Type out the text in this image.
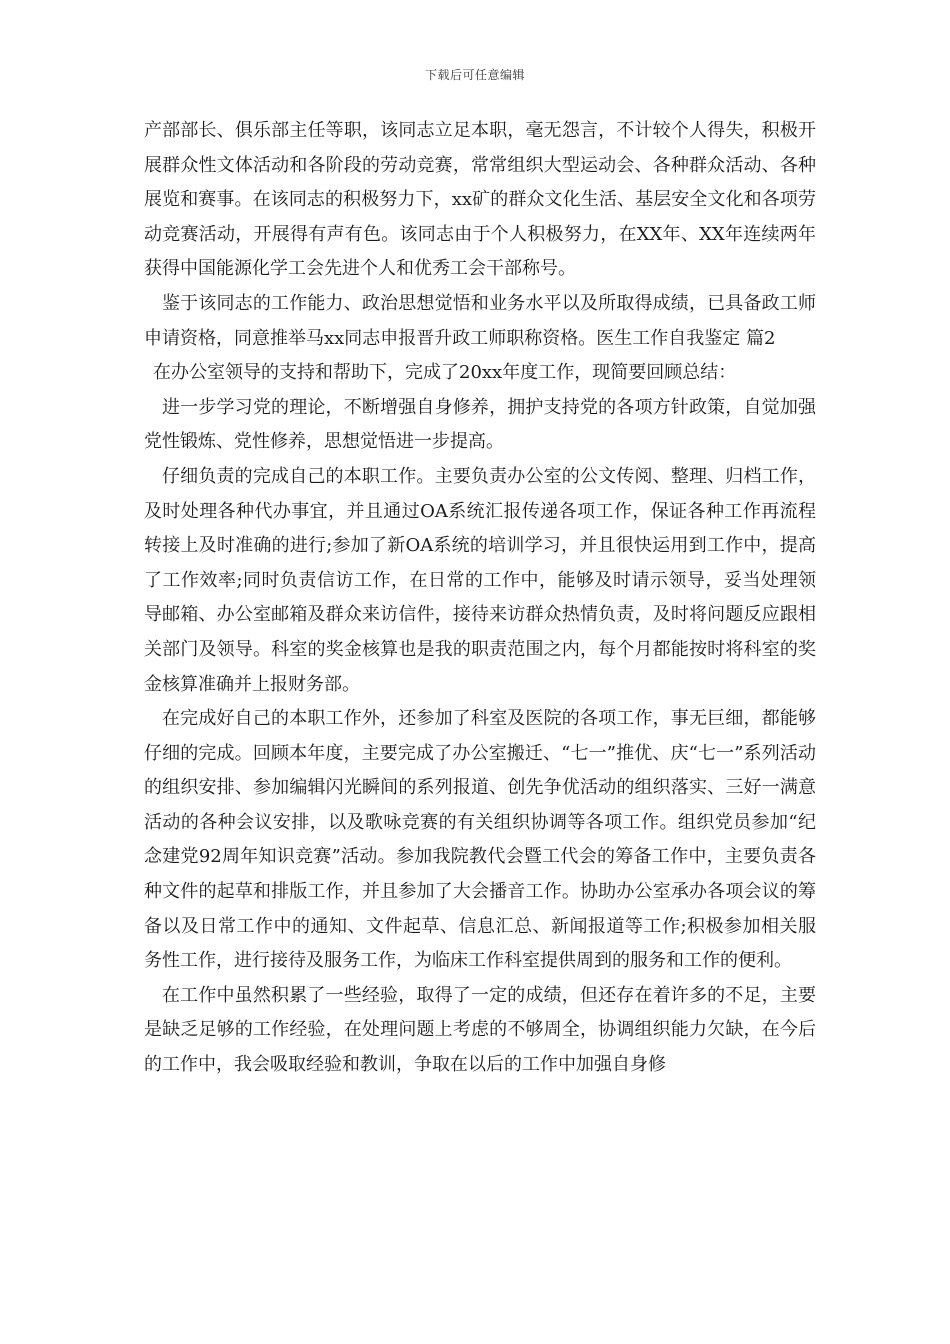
下载后可任意编辑

产部部长、俱乐部主任等职，该同志立足本职，毫无怨言，不计较个人得失，积极开展群众性文体活动和各阶段的劳动竞赛，常常组织大型运动会、各种群众活动、各种展览和赛事。在该同志的积极努力下，xx矿的群众文化生活、基层安全文化和各项劳动竞赛活动，开展得有声有色。该同志由于个人积极努力，在XX年、XX年连续两年获得中国能源化学工会先进个人和优秀工会干部称号。

鉴于该同志的工作能力、政治思想觉悟和业务水平以及所取得成绩，已具备政工师申请资格，同意推举马xx同志申报晋升政工师职称资格。医生工作自我鉴定 篇2

在办公室领导的支持和帮助下，完成了20xx年度工作，现简要回顾总结：

进一步学习党的理论，不断增强自身修养，拥护支持党的各项方针政策，自觉加强党性锻炼、党性修养，思想觉悟进一步提高。

仔细负责的完成自己的本职工作。主要负责办公室的公文传阅、整理、归档工作，及时处理各种代办事宜，并且通过OA系统汇报传递各项工作，保证各种工作再流程转接上及时准确的进行;参加了新OA系统的培训学习，并且很快运用到工作中，提高了工作效率;同时负责信访工作，在日常的工作中，能够及时请示领导，妥当处理领导邮箱、办公室邮箱及群众来访信件，接待来访群众热情负责，及时将问题反应跟相关部门及领导。科室的奖金核算也是我的职责范围之内，每个月都能按时将科室的奖金核算准确并上报财务部。

在完成好自己的本职工作外，还参加了科室及医院的各项工作，事无巨细，都能够仔细的完成。回顾本年度，主要完成了办公室搬迁、“七一”推优、庆“七一”系列活动的组织安排、参加编辑闪光瞬间的系列报道、创先争优活动的组织落实、三好一满意活动的各种会议安排，以及歌咏竞赛的有关组织协调等各项工作。组织党员参加“纪念建党92周年知识竞赛”活动。参加我院教代会暨工代会的筹备工作中，主要负责各种文件的起草和排版工作，并且参加了大会播音工作。协助办公室承办各项会议的筹备以及日常工作中的通知、文件起草、信息汇总、新闻报道等工作;积极参加相关服务性工作，进行接待及服务工作，为临床工作科室提供周到的服务和工作的便利。

在工作中虽然积累了一些经验，取得了一定的成绩，但还存在着许多的不足，主要是缺乏足够的工作经验，在处理问题上考虑的不够周全，协调组织能力欠缺，在今后的工作中，我会吸取经验和教训，争取在以后的工作中加强自身修
